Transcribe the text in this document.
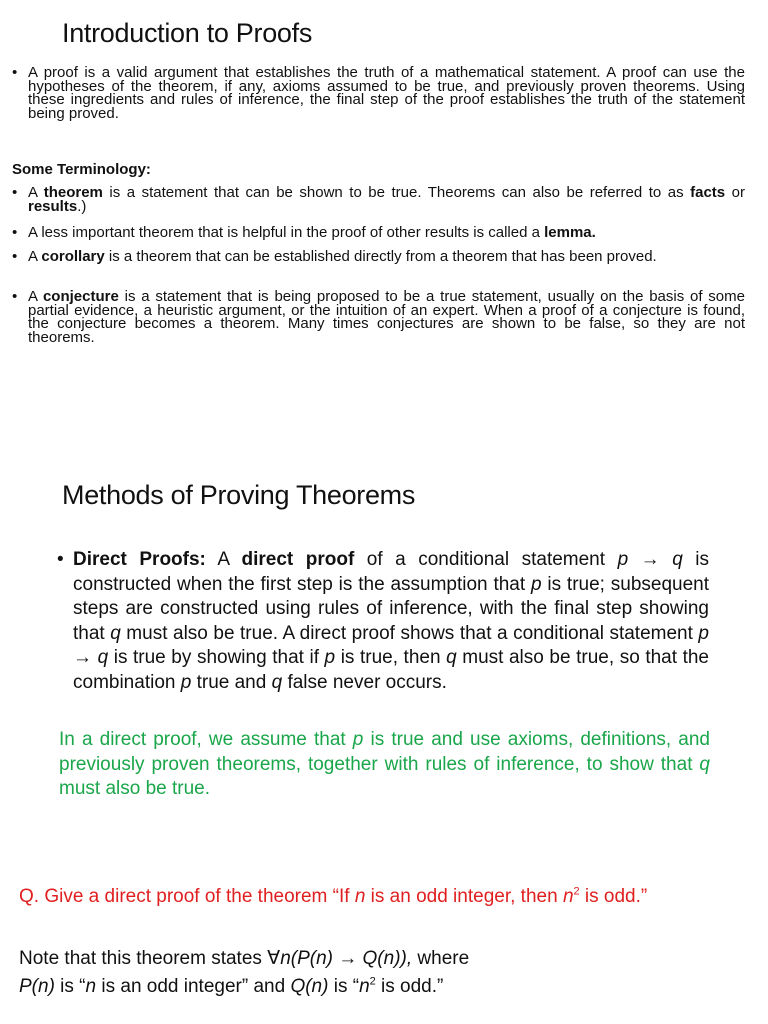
Introduction to Proofs
• A proof is a valid argument that establishes the truth of a mathematical statement. A proof can use the hypotheses of the theorem, if any, axioms assumed to be true, and previously proven theorems. Using these ingredients and rules of inference, the final step of the proof establishes the truth of the statement being proved.
Some Terminology:
• A theorem is a statement that can be shown to be true. Theorems can also be referred to as facts or results.)
• A less important theorem that is helpful in the proof of other results is called a lemma.
• A corollary is a theorem that can be established directly from a theorem that has been proved.
• A conjecture is a statement that is being proposed to be a true statement, usually on the basis of some partial evidence, a heuristic argument, or the intuition of an expert. When a proof of a conjecture is found, the conjecture becomes a theorem. Many times conjectures are shown to be false, so they are not theorems.
Methods of Proving Theorems
• Direct Proofs: A direct proof of a conditional statement p → q is constructed when the first step is the assumption that p is true; subsequent steps are constructed using rules of inference, with the final step showing that q must also be true. A direct proof shows that a conditional statement p → q is true by showing that if p is true, then q must also be true, so that the combination p true and q false never occurs.
In a direct proof, we assume that p is true and use axioms, definitions, and previously proven theorems, together with rules of inference, to show that q must also be true.
Q. Give a direct proof of the theorem “If n is an odd integer, then $n^2$ is odd.”
Note that this theorem states ∀n(P(n) → Q(n)), where
P(n) is “n is an odd integer” and Q(n) is “$n^2$ is odd.”
